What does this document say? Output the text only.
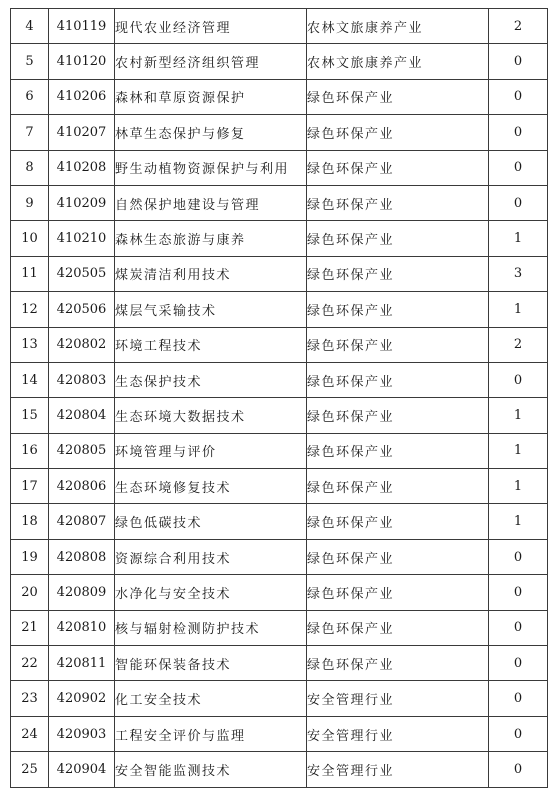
4	410119	现代农业经济管理	农林文旅康养产业	2
5	410120	农村新型经济组织管理	农林文旅康养产业	0
6	410206	森林和草原资源保护	绿色环保产业	0
7	410207	林草生态保护与修复	绿色环保产业	0
8	410208	野生动植物资源保护与利用	绿色环保产业	0
9	410209	自然保护地建设与管理	绿色环保产业	0
10	410210	森林生态旅游与康养	绿色环保产业	1
11	420505	煤炭清洁利用技术	绿色环保产业	3
12	420506	煤层气采输技术	绿色环保产业	1
13	420802	环境工程技术	绿色环保产业	2
14	420803	生态保护技术	绿色环保产业	0
15	420804	生态环境大数据技术	绿色环保产业	1
16	420805	环境管理与评价	绿色环保产业	1
17	420806	生态环境修复技术	绿色环保产业	1
18	420807	绿色低碳技术	绿色环保产业	1
19	420808	资源综合利用技术	绿色环保产业	0
20	420809	水净化与安全技术	绿色环保产业	0
21	420810	核与辐射检测防护技术	绿色环保产业	0
22	420811	智能环保装备技术	绿色环保产业	0
23	420902	化工安全技术	安全管理行业	0
24	420903	工程安全评价与监理	安全管理行业	0
25	420904	安全智能监测技术	安全管理行业	0
